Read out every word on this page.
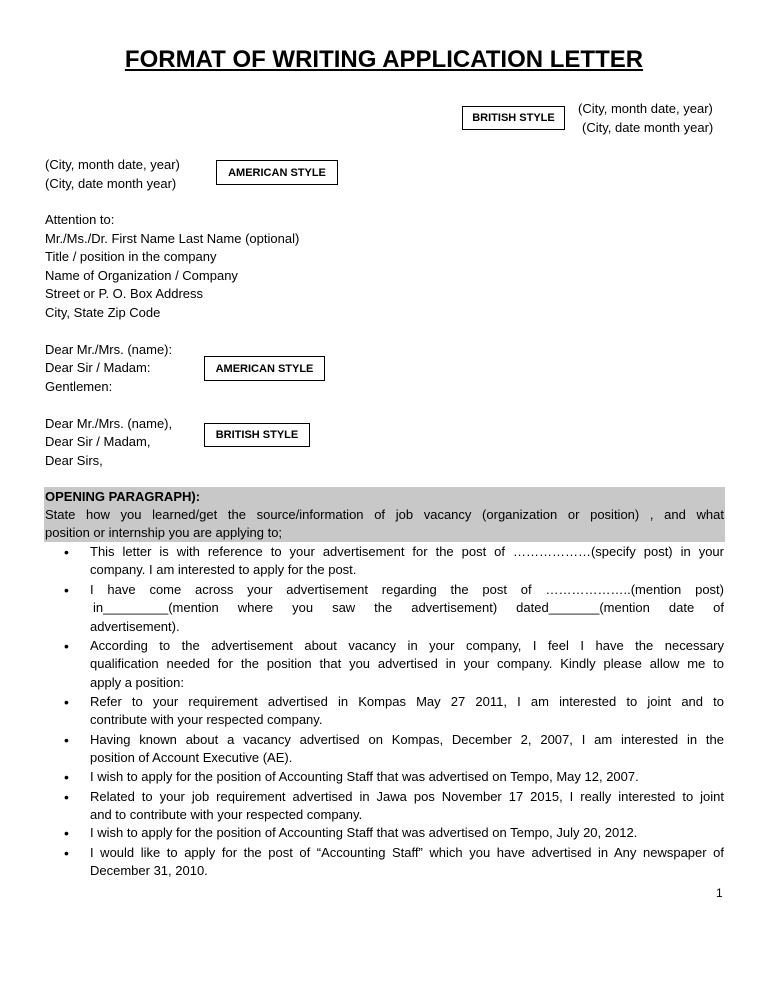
FORMAT OF WRITING APPLICATION LETTER
BRITISH STYLE
(City, month date, year)
(City, date month year)
(City, month date, year)
(City, date month year)
AMERICAN STYLE
Attention to:
Mr./Ms./Dr. First Name Last Name (optional)
Title / position in the company
Name of Organization / Company
Street or P. O. Box Address
City, State Zip Code
Dear Mr./Mrs. (name):
Dear Sir / Madam:
Gentlemen:
AMERICAN STYLE
Dear Mr./Mrs. (name),
Dear Sir / Madam,
Dear Sirs,
BRITISH STYLE
OPENING PARAGRAPH):
State how you learned/get the source/information of job vacancy (organization or position) , and what
position or internship you are applying to;
•	This letter is with reference to your advertisement for the post of ………………(specify post) in your
company. I am interested to apply for the post.
•	I have come across your advertisement regarding the post of ………………..(mention post)
in_________(mention where you saw the advertisement) dated_______(mention date of
advertisement).
•	According to the advertisement about vacancy in your company, I feel I have the necessary
qualification needed for the position that you advertised in your company. Kindly please allow me to
apply a position:
•	Refer to your requirement advertised in Kompas May 27 2011, I am interested to joint and to
contribute with your respected company.
•	Having known about a vacancy advertised on Kompas, December 2, 2007, I am interested in the
position of Account Executive (AE).
•	I wish to apply for the position of Accounting Staff that was advertised on Tempo, May 12, 2007.
•	Related to your job requirement advertised in Jawa pos November 17 2015, I really interested to joint
and to contribute with your respected company.
•	I wish to apply for the position of Accounting Staff that was advertised on Tempo, July 20, 2012.
•	I would like to apply for the post of “Accounting Staff” which you have advertised in Any newspaper of
December 31, 2010.
1
